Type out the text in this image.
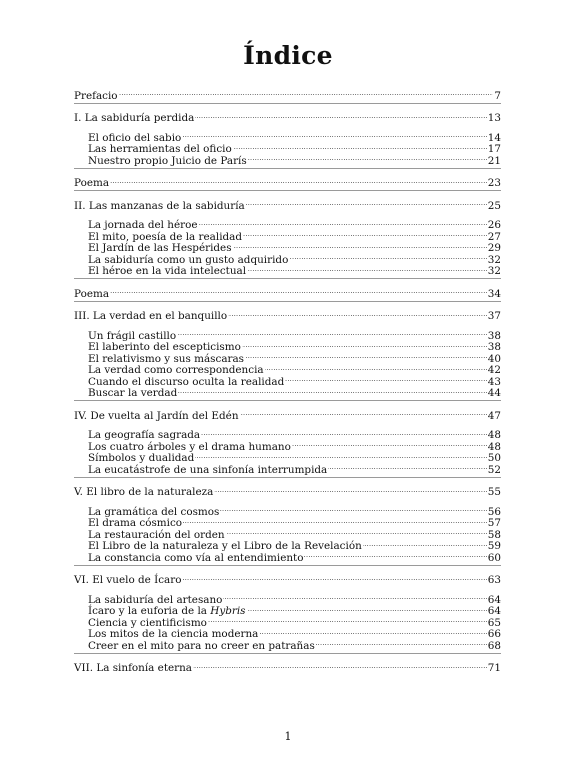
Índice
Prefacio . . .	7
I. La sabiduría perdida . . .	13
El oficio del sabio . . .	14
Las herramientas del oficio . . .	17
Nuestro propio Juicio de París . . .	21
Poema . . .	23
II. Las manzanas de la sabiduría . . .	25
La jornada del héroe . . .	26
El mito, poesía de la realidad . . .	27
El Jardín de las Hespérides . . .	29
La sabiduría como un gusto adquirido . . .	32
El héroe en la vida intelectual . . .	32
Poema . . .	34
III. La verdad en el banquillo . . .	37
Un frágil castillo . . .	38
El laberinto del escepticismo . . .	38
El relativismo y sus máscaras . . .	40
La verdad como correspondencia . . .	42
Cuando el discurso oculta la realidad . . .	43
Buscar la verdad . . .	44
IV. De vuelta al Jardín del Edén . . .	47
La geografía sagrada . . .	48
Los cuatro árboles y el drama humano . . .	48
Símbolos y dualidad . . .	50
La eucatástrofe de una sinfonía interrumpida . . .	52
V. El libro de la naturaleza . . .	55
La gramática del cosmos . . .	56
El drama cósmico . . .	57
La restauración del orden . . .	58
El Libro de la naturaleza y el Libro de la Revelación . . .	59
La constancia como vía al entendimiento . . .	60
VI. El vuelo de Ícaro . . .	63
La sabiduría del artesano . . .	64
Ícaro y la euforia de la Hybris . . .	64
Ciencia y cientificismo . . .	65
Los mitos de la ciencia moderna . . .	66
Creer en el mito para no creer en patrañas . . .	68
VII. La sinfonía eterna . . .	71
1
